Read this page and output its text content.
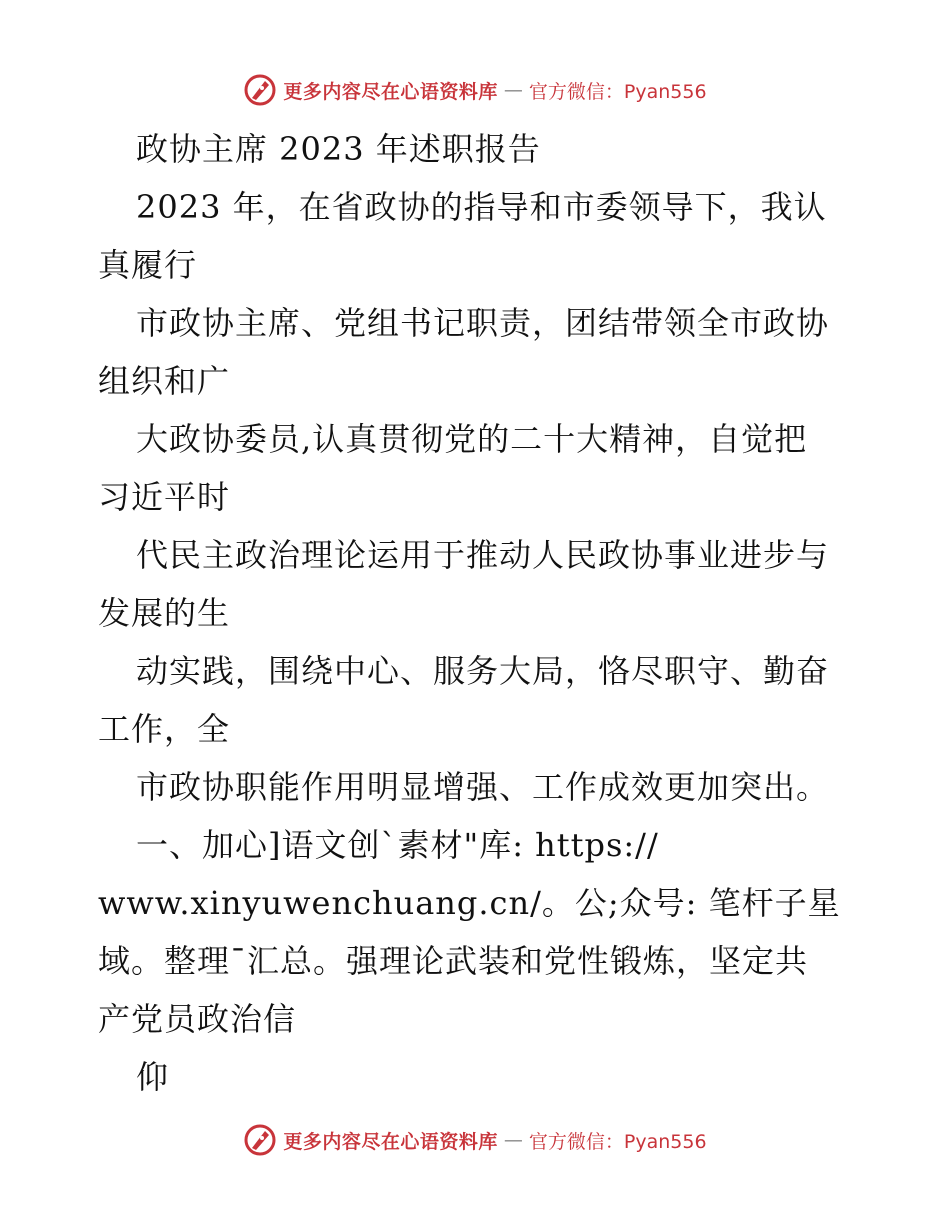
更多内容尽在心语资料库 — 官方微信：Pyan556
政协主席 2023 年述职报告
2023 年，在省政协的指导和市委领导下，我认
真履行
市政协主席、党组书记职责，团结带领全市政协
组织和广
大政协委员,认真贯彻党的二十大精神，自觉把
习近平时
代民主政治理论运用于推动人民政协事业进步与
发展的生
动实践，围绕中心、服务大局，恪尽职守、勤奋
工作，全
市政协职能作用明显增强、工作成效更加突出。
一、加心]语文创`素材"库: https://
www.xinyuwenchuang.cn/。公;众号: 笔杆子星
域。整理¯汇总。强理论武装和党性锻炼，坚定共
产党员政治信
仰
更多内容尽在心语资料库 — 官方微信：Pyan556
